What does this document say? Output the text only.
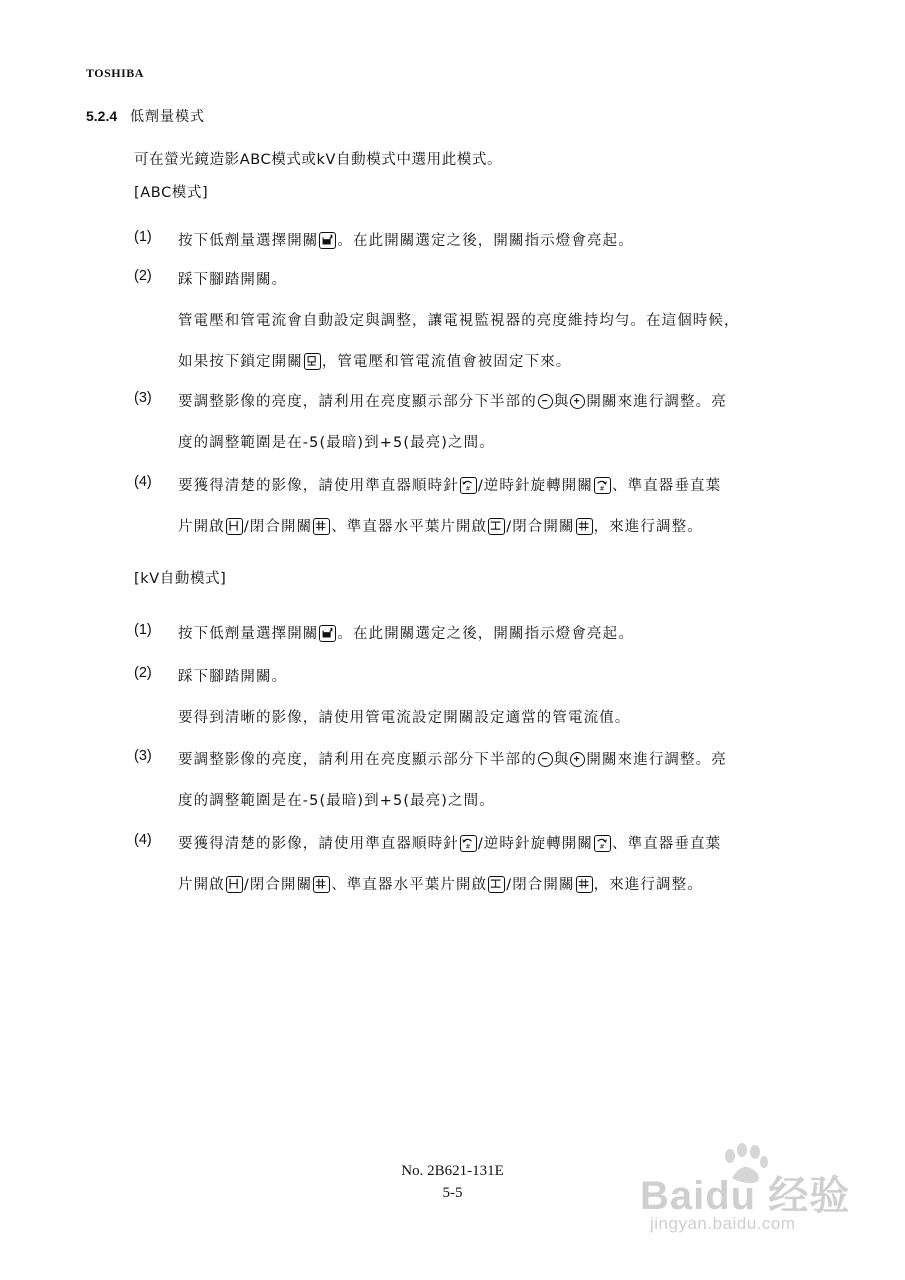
TOSHIBA
5.2.4 低劑量模式
可在螢光鏡造影ABC模式或kV自動模式中選用此模式。
[ABC模式]
(1) 按下低劑量選擇開關 。在此開關選定之後，開關指示燈會亮起。
(2) 踩下腳踏開關。
管電壓和管電流會自動設定與調整，讓電視監視器的亮度維持均勻。在這個時候，
如果按下鎖定開關 ，管電壓和管電流值會被固定下來。
(3) 要調整影像的亮度，請利用在亮度顯示部分下半部的 與 開關來進行調整。亮
度的調整範圍是在-5(最暗)到+5(最亮)之間。
(4) 要獲得清楚的影像，請使用準直器順時針 # /逆時針旋轉開關 # 、準直器垂直葉
片開啟 /閉合開關 、準直器水平葉片開啟 /閉合開關 ，來進行調整。
[kV自動模式]
(1) 按下低劑量選擇開關 。在此開關選定之後，開關指示燈會亮起。
(2) 踩下腳踏開關。
要得到清晰的影像，請使用管電流設定開關設定適當的管電流值。
(3) 要調整影像的亮度，請利用在亮度顯示部分下半部的 與 開關來進行調整。亮
度的調整範圍是在-5(最暗)到+5(最亮)之間。
(4) 要獲得清楚的影像，請使用準直器順時針 # /逆時針旋轉開關 # 、準直器垂直葉
片開啟 /閉合開關 、準直器水平葉片開啟 /閉合開關 ，來進行調整。
No. 2B621-131E
5-5	Baidu 经验
jingyan.baidu.com
